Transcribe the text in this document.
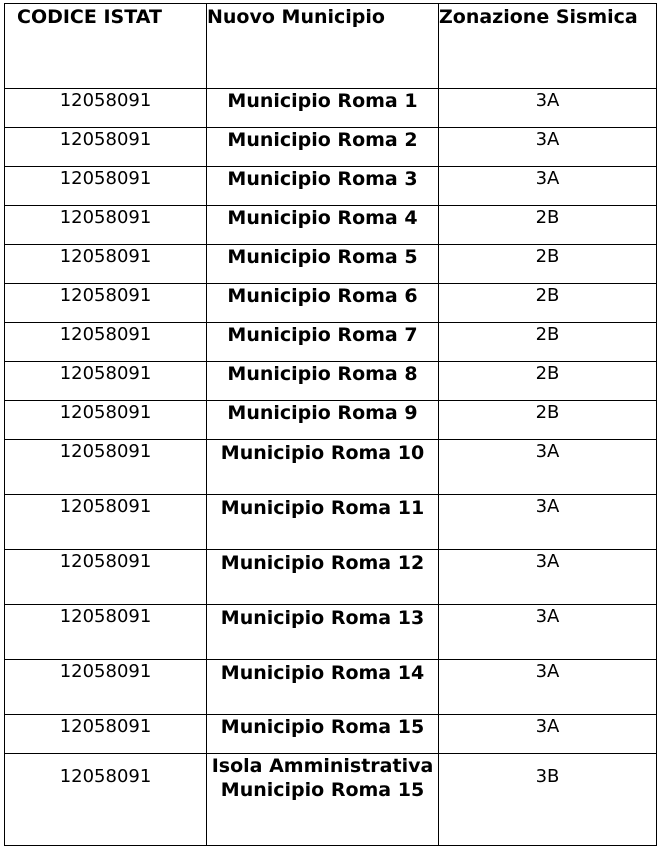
CODICE ISTAT	Nuovo Municipio	Zonazione Sismica
12058091	Municipio Roma 1	3A
12058091	Municipio Roma 2	3A
12058091	Municipio Roma 3	3A
12058091	Municipio Roma 4	2B
12058091	Municipio Roma 5	2B
12058091	Municipio Roma 6	2B
12058091	Municipio Roma 7	2B
12058091	Municipio Roma 8	2B
12058091	Municipio Roma 9	2B
12058091	Municipio Roma 10	3A
12058091	Municipio Roma 11	3A
12058091	Municipio Roma 12	3A
12058091	Municipio Roma 13	3A
12058091	Municipio Roma 14	3A
12058091	Municipio Roma 15	3A
12058091	Isola Amministrativa Municipio Roma 15	3B
